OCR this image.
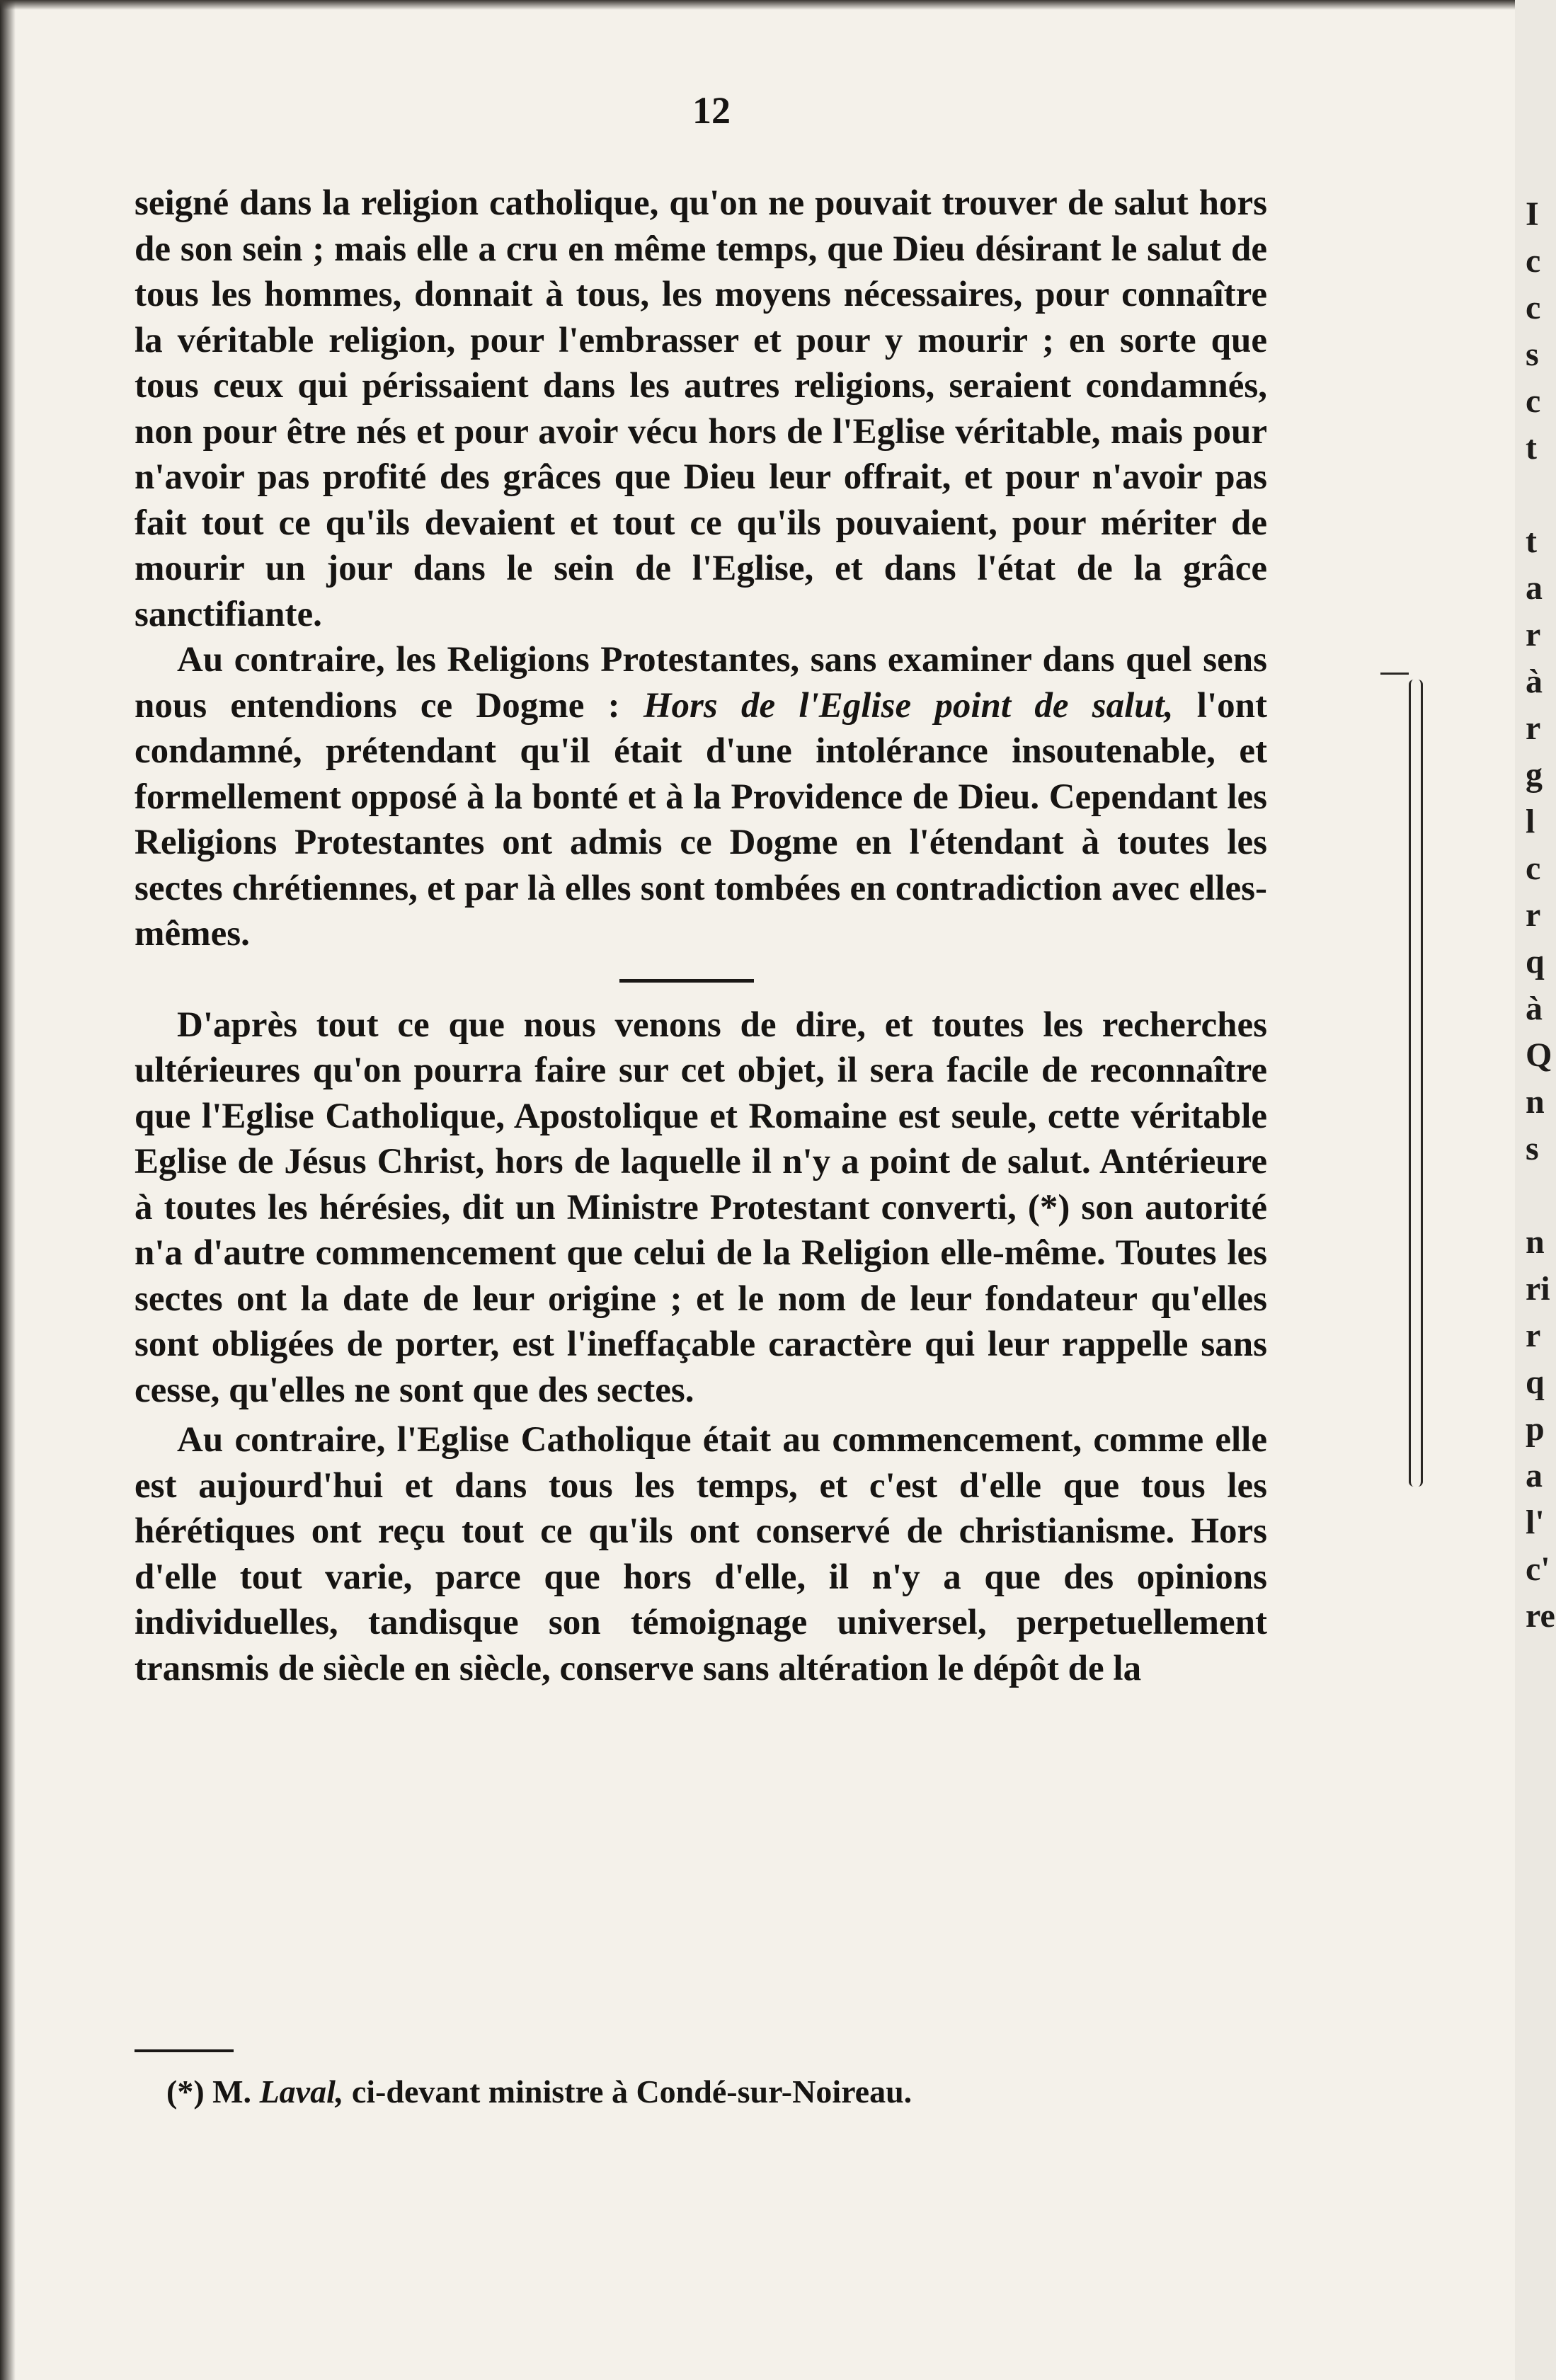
12

seigné dans la religion catholique, qu'on ne pouvait trouver de salut hors de son sein ; mais elle a cru en même temps, que Dieu désirant le salut de tous les hommes, donnait à tous, les moyens nécessaires, pour connaître la véritable religion, pour l'embrasser et pour y mourir ; en sorte que tous ceux qui périssaient dans les autres religions, seraient condamnés, non pour être nés et pour avoir vécu hors de l'Eglise véritable, mais pour n'avoir pas profité des grâces que Dieu leur offrait, et pour n'avoir pas fait tout ce qu'ils devaient et tout ce qu'ils pouvaient, pour mériter de mourir un jour dans le sein de l'Eglise, et dans l'état de la grâce sanctifiante.

Au contraire, les Religions Protestantes, sans examiner dans quel sens nous entendions ce Dogme : Hors de l'Eglise point de salut, l'ont condamné, prétendant qu'il était d'une intolérance insoutenable, et formellement opposé à la bonté et à la Providence de Dieu. Cependant les Religions Protestantes ont admis ce Dogme en l'étendant à toutes les sectes chrétiennes, et par là elles sont tombées en contradiction avec elles-mêmes.

D'après tout ce que nous venons de dire, et toutes les recherches ultérieures qu'on pourra faire sur cet objet, il sera facile de reconnaître que l'Eglise Catholique, Apostolique et Romaine est seule, cette véritable Eglise de Jésus Christ, hors de laquelle il n'y a point de salut. Antérieure à toutes les hérésies, dit un Ministre Protestant converti, (*) son autorité n'a d'autre commencement que celui de la Religion elle-même. Toutes les sectes ont la date de leur origine ; et le nom de leur fondateur qu'elles sont obligées de porter, est l'ineffaçable caractère qui leur rappelle sans cesse, qu'elles ne sont que des sectes.

Au contraire, l'Eglise Catholique était au commencement, comme elle est aujourd'hui et dans tous les temps, et c'est d'elle que tous les hérétiques ont reçu tout ce qu'ils ont conservé de christianisme. Hors d'elle tout varie, parce que hors d'elle, il n'y a que des opinions individuelles, tandisque son témoignage universel, perpetuellement transmis de siècle en siècle, conserve sans altération le dépôt de la

(*) M. Laval, ci-devant ministre à Condé-sur-Noireau.
I
c
c
s
c
t
t
a
r
à
r
g
l
c
r
q
à
Q
n
s
n
ri
r
q
p
a
l'
c'
re
